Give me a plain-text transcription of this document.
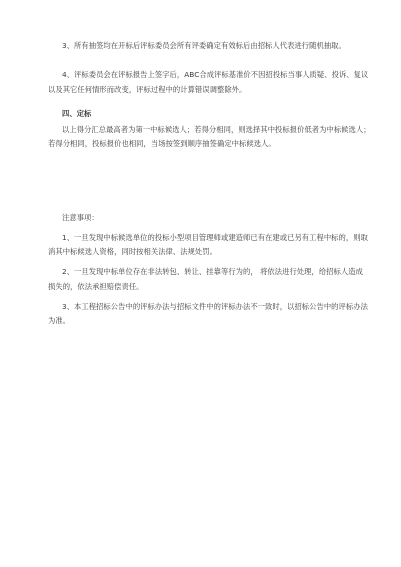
3、所有抽签均在开标后评标委员会所有评委确定有效标后由招标人代表进行随机抽取。
4、评标委员会在评标报告上签字后，ABC合成评标基准价不因招投标当事人质疑、投诉、复议
以及其它任何情形而改变，评标过程中的计算错误调整除外。
四、定标
以上得分汇总最高者为第一中标候选人；若得分相同，则选择其中投标报价低者为中标候选人；
若得分相同，投标报价也相同，当场按签到顺序抽签确定中标候选人。
注意事项：
1、一旦发现中标候选单位的投标小型项目管理师或建造师已有在建或已另有工程中标的，则取
消其中标候选人资格，同时按相关法律、法规处罚。
2、一旦发现中标单位存在非法转包、转让、挂靠等行为的， 将依法进行处理，给招标人造成
损失的，依法承担赔偿责任。
3、本工程招标公告中的评标办法与招标文件中的评标办法不一致时，以招标公告中的评标办法
为准。
